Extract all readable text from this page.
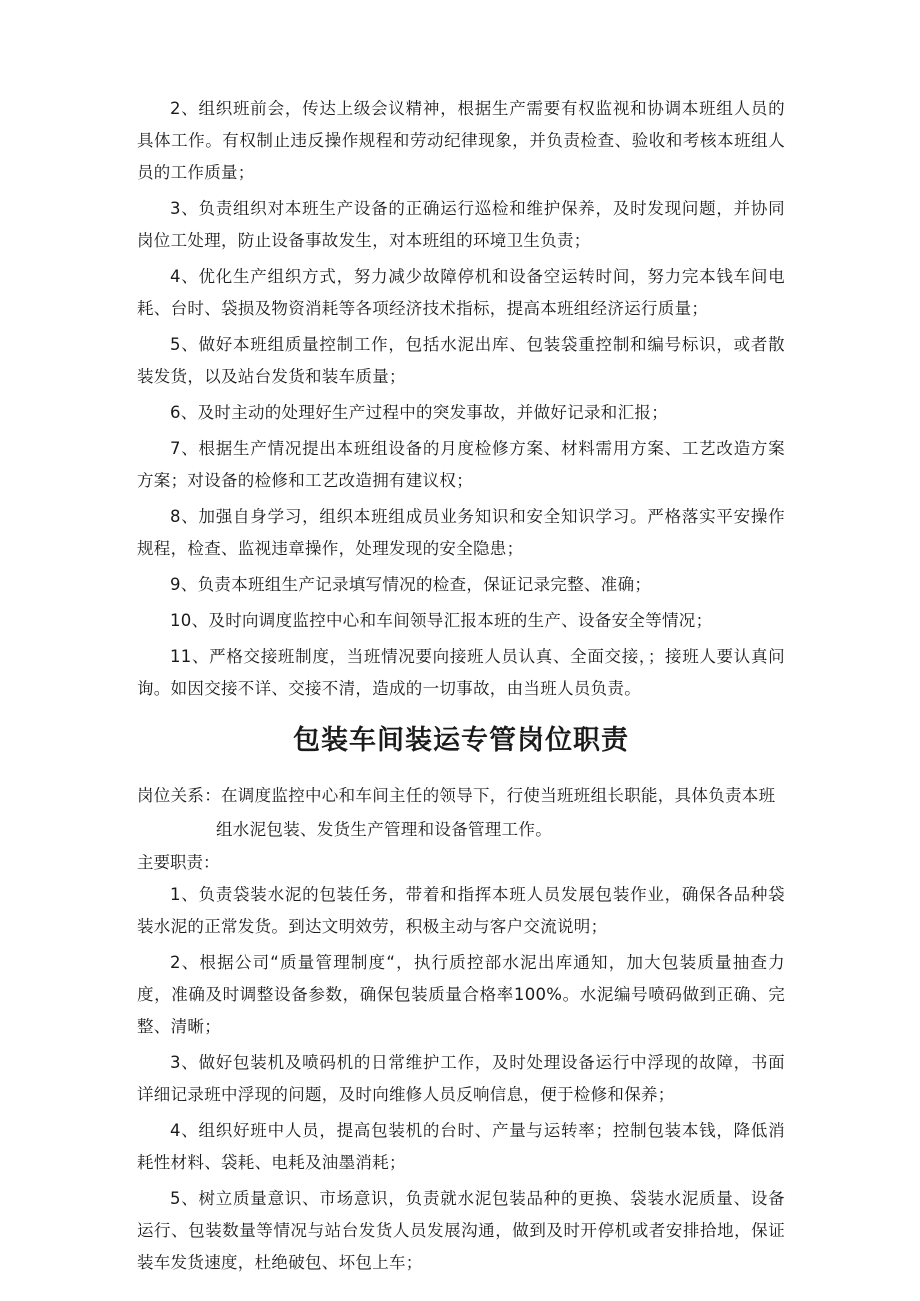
2、组织班前会，传达上级会议精神，根据生产需要有权监视和协调本班组人员的具体工作。有权制止违反操作规程和劳动纪律现象，并负责检查、验收和考核本班组人员的工作质量；

3、负责组织对本班生产设备的正确运行巡检和维护保养，及时发现问题，并协同岗位工处理，防止设备事故发生，对本班组的环境卫生负责；

4、优化生产组织方式，努力减少故障停机和设备空运转时间，努力完本钱车间电耗、台时、袋损及物资消耗等各项经济技术指标，提高本班组经济运行质量；

5、做好本班组质量控制工作，包括水泥出库、包装袋重控制和编号标识，或者散装发货，以及站台发货和装车质量；

6、及时主动的处理好生产过程中的突发事故，并做好记录和汇报；

7、根据生产情况提出本班组设备的月度检修方案、材料需用方案、工艺改造方案方案；对设备的检修和工艺改造拥有建议权；

8、加强自身学习，组织本班组成员业务知识和安全知识学习。严格落实平安操作规程，检查、监视违章操作，处理发现的安全隐患；

9、负责本班组生产记录填写情况的检查，保证记录完整、准确；

10、及时向调度监控中心和车间领导汇报本班的生产、设备安全等情况；

11、严格交接班制度，当班情况要向接班人员认真、全面交接，；接班人要认真问询。如因交接不详、交接不清，造成的一切事故，由当班人员负责。

包装车间装运专管岗位职责

岗位关系：在调度监控中心和车间主任的领导下，行使当班班组长职能，具体负责本班组水泥包装、发货生产管理和设备管理工作。

主要职责：

1、负责袋装水泥的包装任务，带着和指挥本班人员发展包装作业，确保各品种袋装水泥的正常发货。到达文明效劳，积极主动与客户交流说明；

2、根据公司“质量管理制度“，执行质控部水泥出库通知，加大包装质量抽查力度，准确及时调整设备参数，确保包装质量合格率100%。水泥编号喷码做到正确、完整、清晰；

3、做好包装机及喷码机的日常维护工作，及时处理设备运行中浮现的故障，书面详细记录班中浮现的问题，及时向维修人员反响信息，便于检修和保养；

4、组织好班中人员，提高包装机的台时、产量与运转率；控制包装本钱，降低消耗性材料、袋耗、电耗及油墨消耗；

5、树立质量意识、市场意识，负责就水泥包装品种的更换、袋装水泥质量、设备运行、包装数量等情况与站台发货人员发展沟通，做到及时开停机或者安排拾地，保证装车发货速度，杜绝破包、坏包上车；
